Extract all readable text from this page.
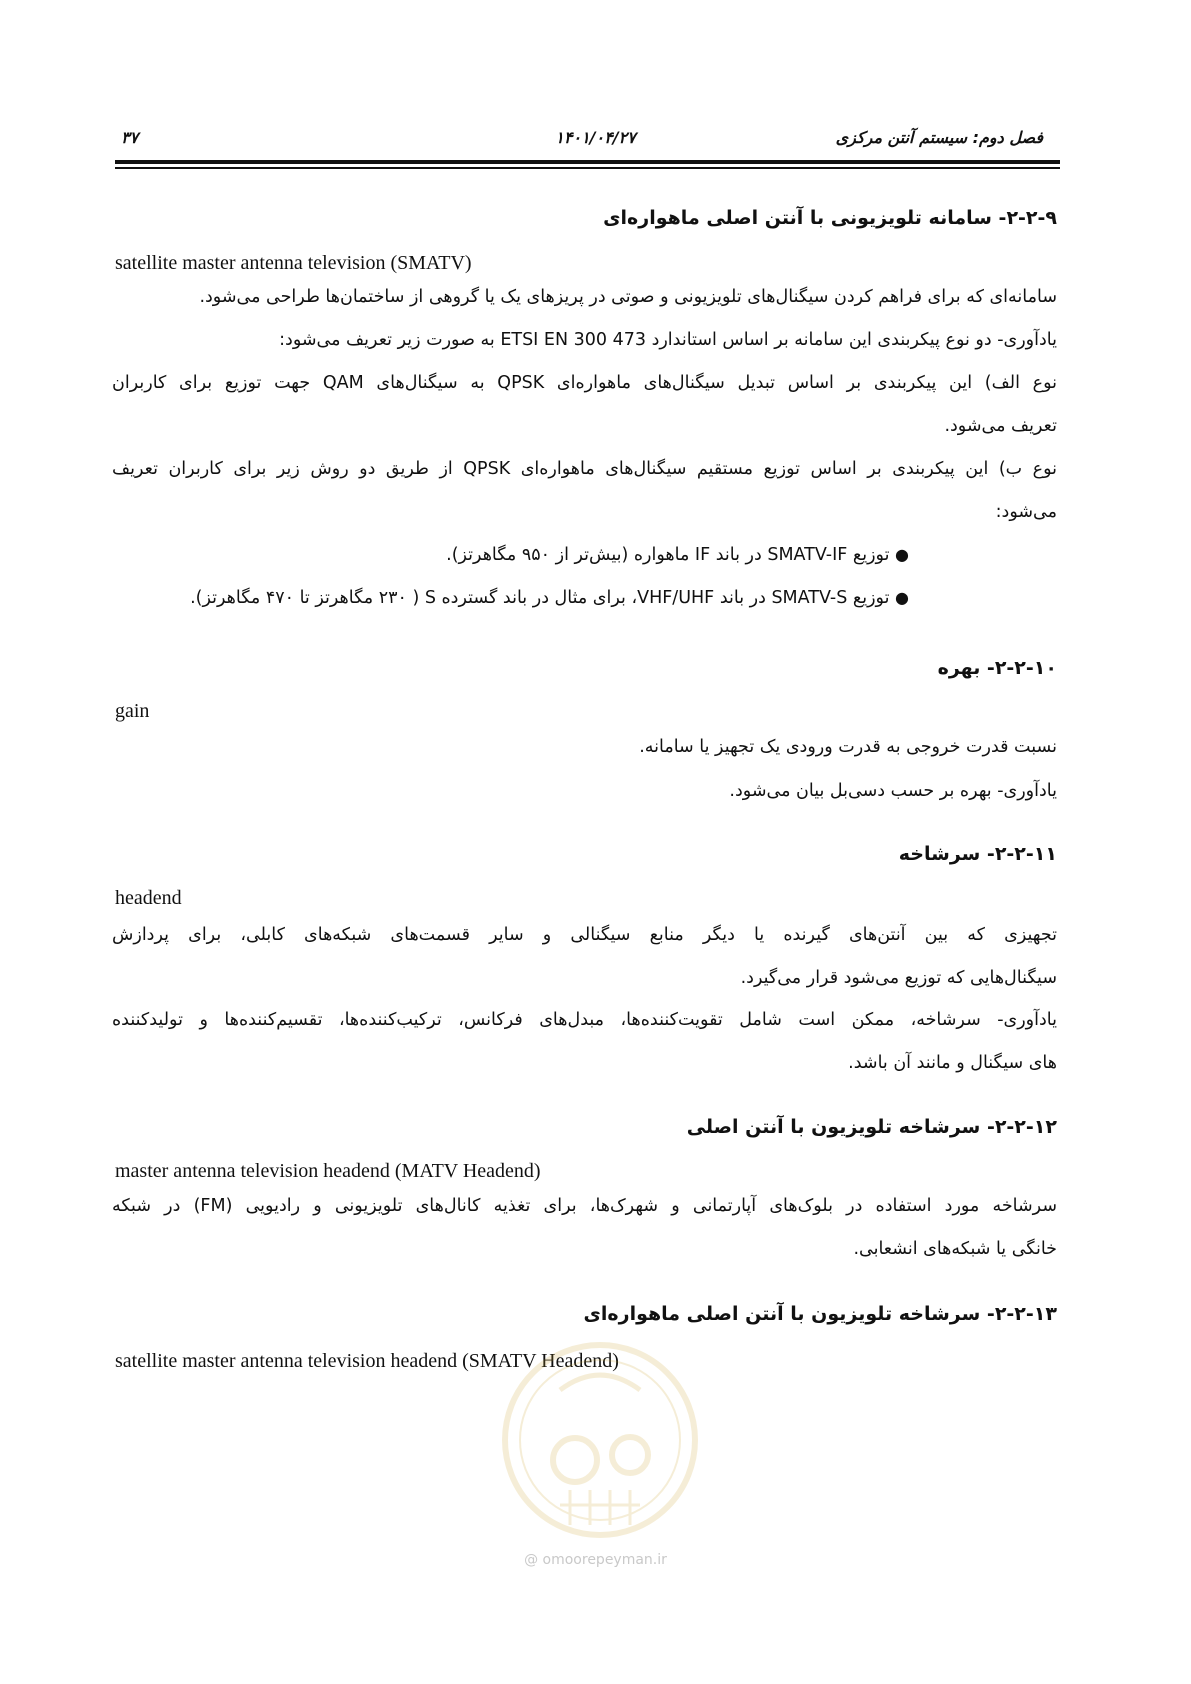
فصل دوم: سیستم آنتن مرکزی
۱۴۰۱/۰۴/۲۷
۳۷
۲-۲-۹- سامانه تلویزیونی با آنتن اصلی ماهواره‌ای
satellite master antenna television (SMATV)
سامانه‌ای که برای فراهم کردن سیگنال‌های تلویزیونی و صوتی در پریزهای یک یا گروهی از ساختمان‌ها طراحی می‌شود.
یادآوری- دو نوع پیکربندی این سامانه بر اساس استاندارد ETSI EN 300 473 به صورت زیر تعریف می‌شود:
نوع الف) این پیکربندی بر اساس تبدیل سیگنال‌های ماهواره‌ای QPSK به سیگنال‌های QAM جهت توزیع برای کاربران
تعریف می‌شود.
نوع ب) این پیکربندی بر اساس توزیع مستقیم سیگنال‌های ماهواره‌ای QPSK از طریق دو روش زیر برای کاربران تعریف
می‌شود:
● توزیع SMATV-IF در باند IF ماهواره (بیش‌تر از ۹۵۰ مگاهرتز).
● توزیع SMATV-S در باند VHF/UHF، برای مثال در باند گسترده S ( ۲۳۰ مگاهرتز تا ۴۷۰ مگاهرتز).
۲-۲-۱۰- بهره
gain
نسبت قدرت خروجی به قدرت ورودی یک تجهیز یا سامانه.
یادآوری- بهره بر حسب دسی‌بل بیان می‌شود.
۲-۲-۱۱- سرشاخه
headend
تجهیزی که بین آنتن‌های گیرنده یا دیگر منابع سیگنالی و سایر قسمت‌های شبکه‌های کابلی، برای پردازش
سیگنال‌هایی که توزیع می‌شود قرار می‌گیرد.
یادآوری- سرشاخه، ممکن است شامل تقویت‌کننده‌ها، مبدل‌های فرکانس، ترکیب‌کننده‌ها، تقسیم‌کننده‌ها و تولیدکننده
های سیگنال و مانند آن باشد.
۲-۲-۱۲- سرشاخه تلویزیون با آنتن اصلی
master antenna television headend (MATV Headend)
سرشاخه مورد استفاده در بلوک‌های آپارتمانی و شهرک‌ها، برای تغذیه کانال‌های تلویزیونی و رادیویی (FM) در شبکه
خانگی یا شبکه‌های انشعابی.
۲-۲-۱۳- سرشاخه تلویزیون با آنتن اصلی ماهواره‌ای
satellite master antenna television headend (SMATV Headend)
@ omoorepeyman.ir
